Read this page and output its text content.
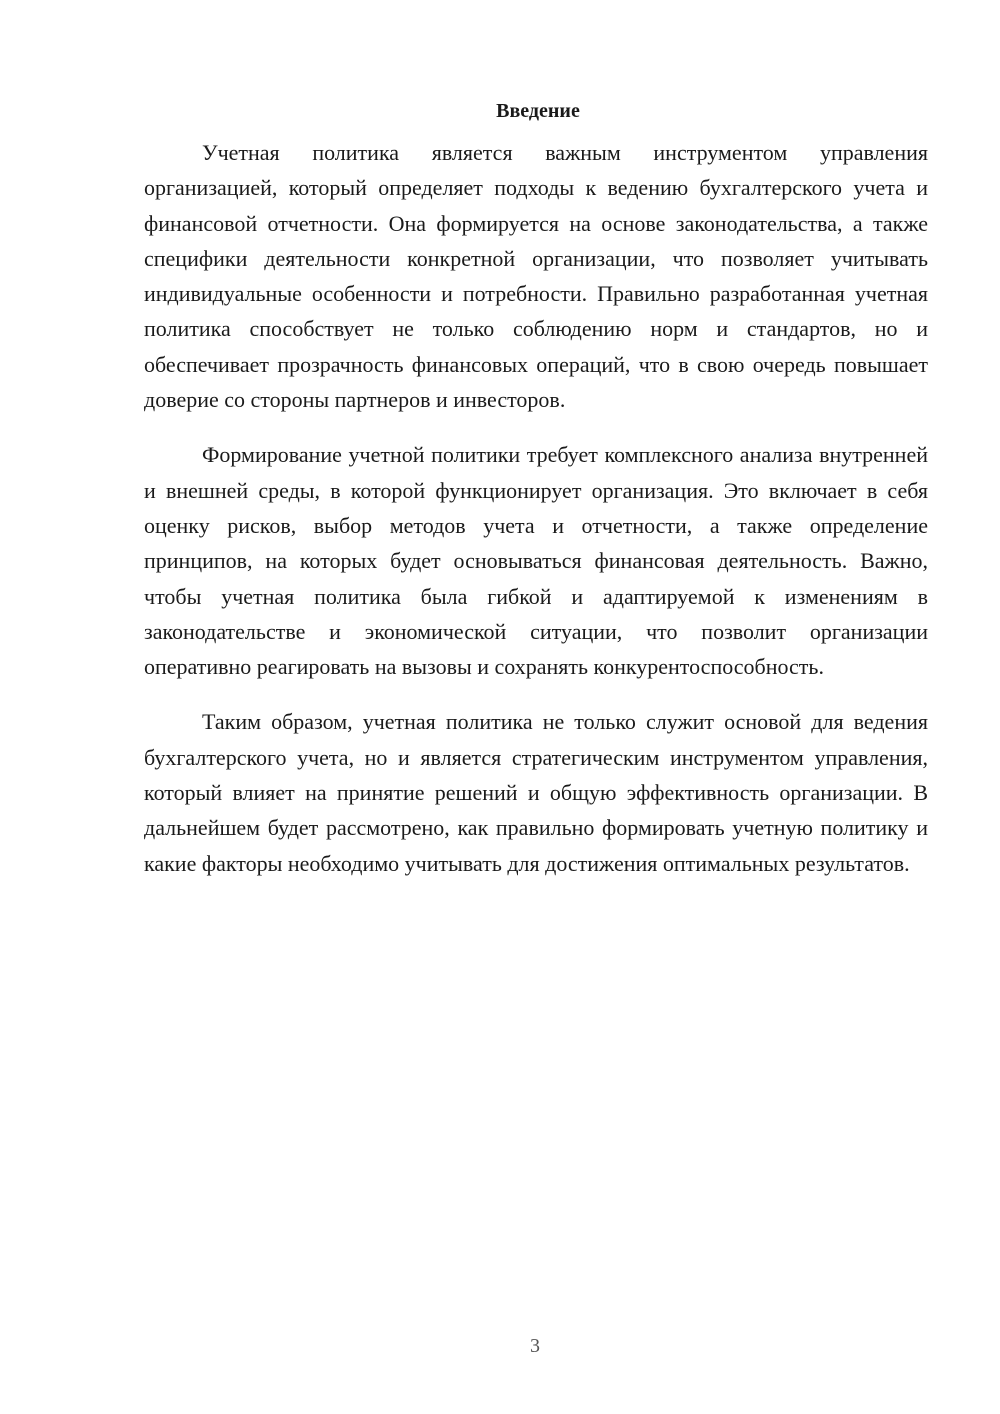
Введение

Учетная политика является важным инструментом управления организацией, который определяет подходы к ведению бухгалтерского учета и финансовой отчетности. Она формируется на основе законодательства, а также специфики деятельности конкретной организации, что позволяет учитывать индивидуальные особенности и потребности. Правильно разработанная учетная политика способствует не только соблюдению норм и стандартов, но и обеспечивает прозрачность финансовых операций, что в свою очередь повышает доверие со стороны партнеров и инвесторов.

Формирование учетной политики требует комплексного анализа внутренней и внешней среды, в которой функционирует организация. Это включает в себя оценку рисков, выбор методов учета и отчетности, а также определение принципов, на которых будет основываться финансовая деятельность. Важно, чтобы учетная политика была гибкой и адаптируемой к изменениям в законодательстве и экономической ситуации, что позволит организации оперативно реагировать на вызовы и сохранять конкурентоспособность.

Таким образом, учетная политика не только служит основой для ведения бухгалтерского учета, но и является стратегическим инструментом управления, который влияет на принятие решений и общую эффективность организации. В дальнейшем будет рассмотрено, как правильно формировать учетную политику и какие факторы необходимо учитывать для достижения оптимальных результатов.

3
